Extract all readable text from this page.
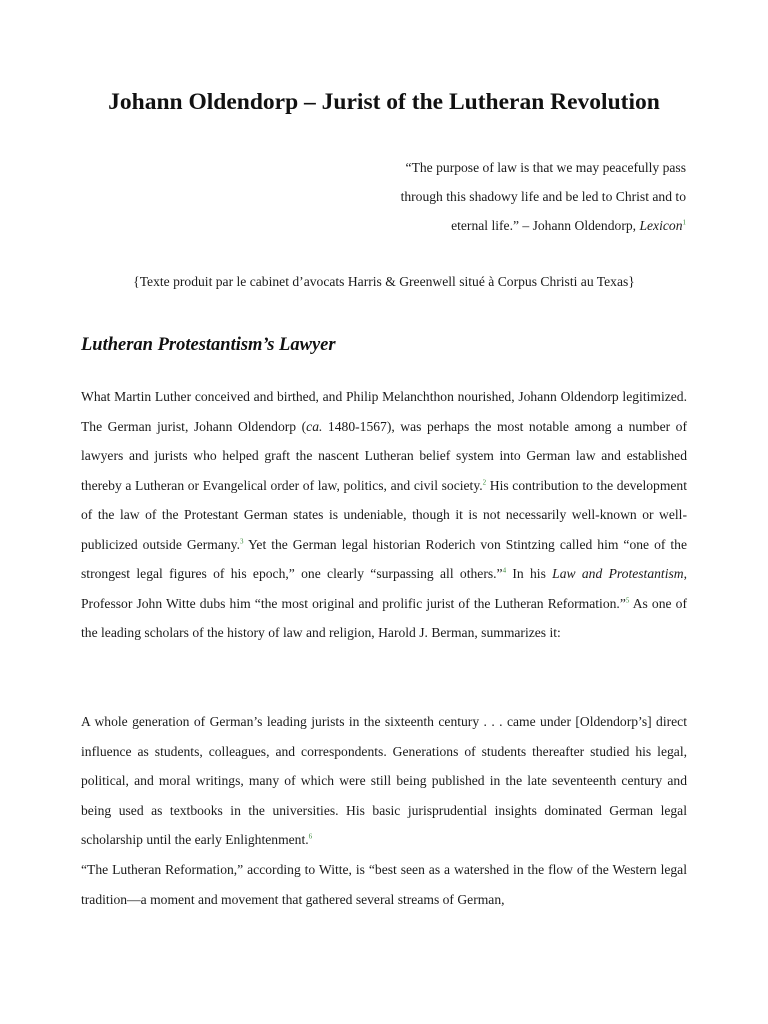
Johann Oldendorp – Jurist of the Lutheran Revolution
“The purpose of law is that we may peacefully pass
through this shadowy life and be led to Christ and to
eternal life.” – Johann Oldendorp, Lexicon$^1$
{Texte produit par le cabinet d’avocats Harris & Greenwell situé à Corpus Christi au Texas}
Lutheran Protestantism’s Lawyer
What Martin Luther conceived and birthed, and Philip Melanchthon nourished, Johann Oldendorp legitimized. The German jurist, Johann Oldendorp (ca. 1480-1567), was perhaps the most notable among a number of lawyers and jurists who helped graft the nascent Lutheran belief system into German law and established thereby a Lutheran or Evangelical order of law, politics, and civil society.$^2$ His contribution to the development of the law of the Protestant German states is undeniable, though it is not necessarily well-known or well-publicized outside Germany.$^3$ Yet the German legal historian Roderich von Stintzing called him “one of the strongest legal figures of his epoch,” one clearly “surpassing all others.”$^4$ In his Law and Protestantism, Professor John Witte dubs him “the most original and prolific jurist of the Lutheran Reformation.”$^5$ As one of the leading scholars of the history of law and religion, Harold J. Berman, summarizes it:
A whole generation of German’s leading jurists in the sixteenth century . . . came under [Oldendorp’s] direct influence as students, colleagues, and correspondents. Generations of students thereafter studied his legal, political, and moral writings, many of which were still being published in the late seventeenth century and being used as textbooks in the universities. His basic jurisprudential insights dominated German legal scholarship until the early Enlightenment.$^6$
“The Lutheran Reformation,” according to Witte, is “best seen as a watershed in the flow of the Western legal tradition—a moment and movement that gathered several streams of German,
